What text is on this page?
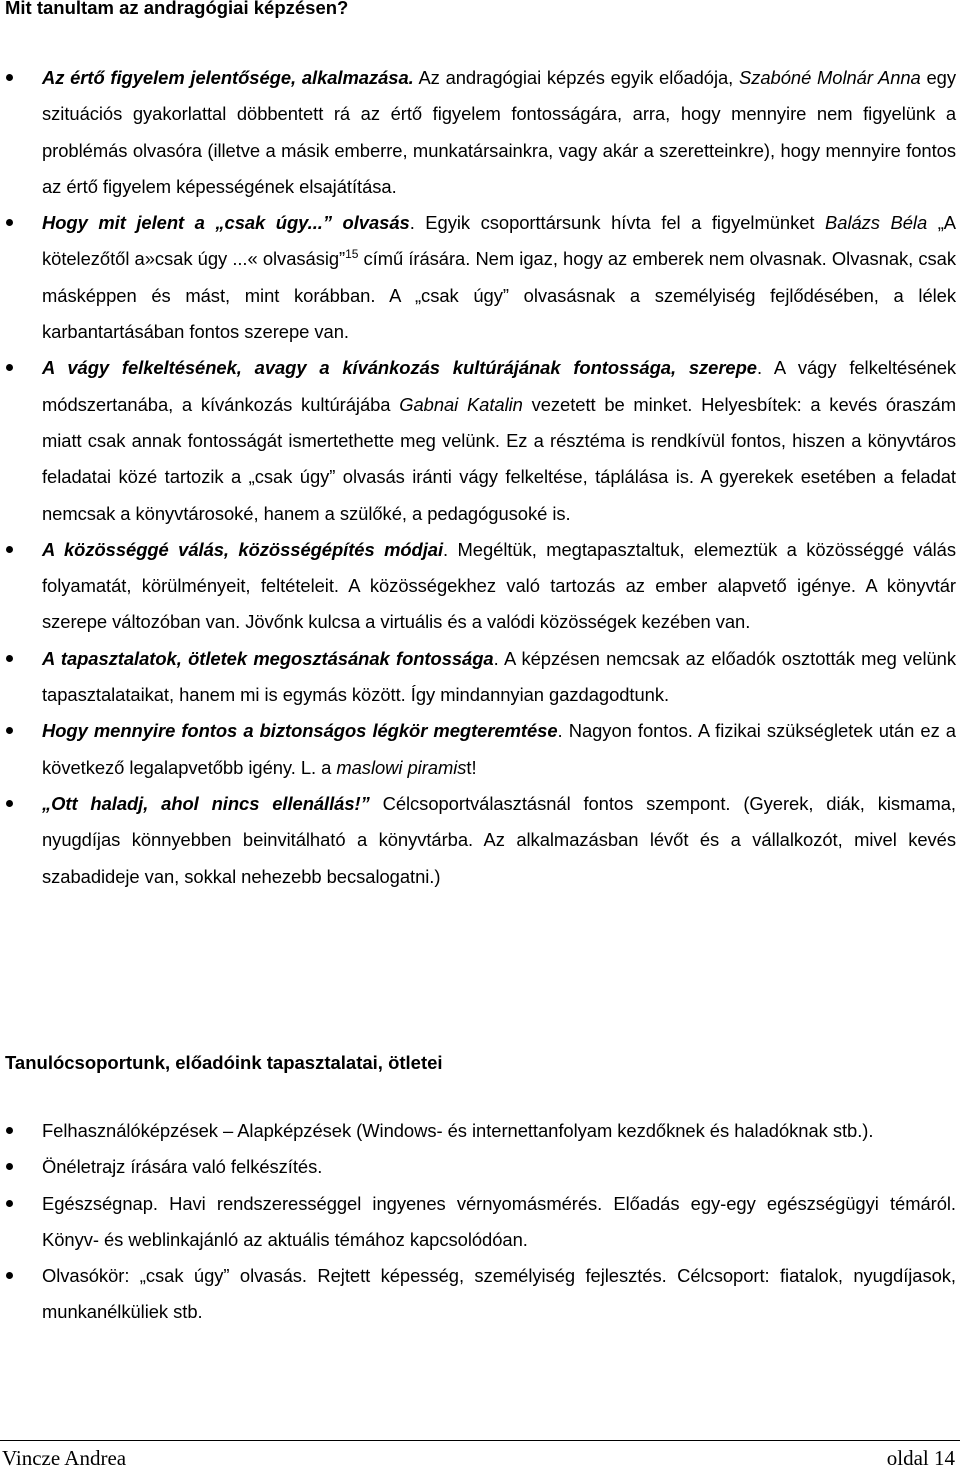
Mit tanultam az andragógiai képzésen?
Az értő figyelem jelentősége, alkalmazása. Az andragógiai képzés egyik előadója, Szabóné Molnár Anna egy szituációs gyakorlattal döbbentett rá az értő figyelem fontosságára, arra, hogy mennyire nem figyelünk a problémás olvasóra (illetve a másik emberre, munkatársainkra, vagy akár a szeretteinkre), hogy mennyire fontos az értő figyelem képességének elsajátítása.
Hogy mit jelent a „csak úgy...” olvasás. Egyik csoporttársunk hívta fel a figyelmünket Balázs Béla „A kötelezőtől a»csak úgy ...« olvasásig”$^{15}$ című írására. Nem igaz, hogy az emberek nem olvasnak. Olvasnak, csak másképpen és mást, mint korábban. A „csak úgy” olvasásnak a személyiség fejlődésében, a lélek karbantartásában fontos szerepe van.
A vágy felkeltésének, avagy a kívánkozás kultúrájának fontossága, szerepe. A vágy felkeltésének módszertanába, a kívánkozás kultúrájába Gabnai Katalin vezetett be minket. Helyesbítek: a kevés óraszám miatt csak annak fontosságát ismertethette meg velünk. Ez a résztéma is rendkívül fontos, hiszen a könyvtáros feladatai közé tartozik a „csak úgy” olvasás iránti vágy felkeltése, táplálása is. A gyerekek esetében a feladat nemcsak a könyvtárosoké, hanem a szülőké, a pedagógusoké is.
A közösséggé válás, közösségépítés módjai. Megéltük, megtapasztaltuk, elemeztük a közösséggé válás folyamatát, körülményeit, feltételeit. A közösségekhez való tartozás az ember alapvető igénye. A könyvtár szerepe változóban van. Jövőnk kulcsa a virtuális és a valódi közösségek kezében van.
A tapasztalatok, ötletek megosztásának fontossága. A képzésen nemcsak az előadók osztották meg velünk tapasztalataikat, hanem mi is egymás között. Így mindannyian gazdagodtunk.
Hogy mennyire fontos a biztonságos légkör megteremtése. Nagyon fontos. A fizikai szükségletek után ez a következő legalapvetőbb igény. L. a maslowi piramist!
„Ott haladj, ahol nincs ellenállás!” Célcsoportválasztásnál fontos szempont. (Gyerek, diák, kismama, nyugdíjas könnyebben beinvitálható a könyvtárba. Az alkalmazásban lévőt és a vállalkozót, mivel kevés szabadideje van, sokkal nehezebb becsalogatni.)
Tanulócsoportunk, előadóink tapasztalatai, ötletei
Felhasználóképzések – Alapképzések (Windows- és internettanfolyam kezdőknek és haladóknak stb.).
Önéletrajz írására való felkészítés.
Egészségnap. Havi rendszerességgel ingyenes vérnyomásmérés. Előadás egy-egy egészségügyi témáról. Könyv- és weblinkajánló az aktuális témához kapcsolódóan.
Olvasókör: „csak úgy” olvasás. Rejtett képesség, személyiség fejlesztés. Célcsoport: fiatalok, nyugdíjasok, munkanélküliek stb.
Vincze Andrea	oldal 14
